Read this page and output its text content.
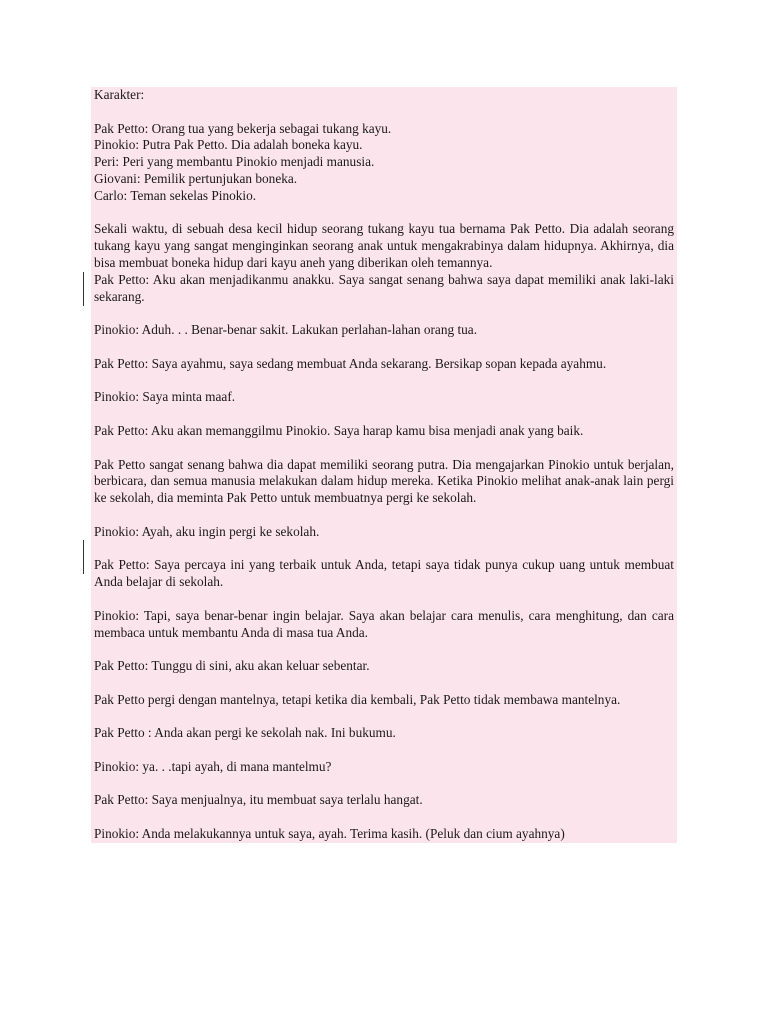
Karakter:

Pak Petto: Orang tua yang bekerja sebagai tukang kayu.
Pinokio: Putra Pak Petto. Dia adalah boneka kayu.
Peri: Peri yang membantu Pinokio menjadi manusia.
Giovani: Pemilik pertunjukan boneka.
Carlo: Teman sekelas Pinokio.

Sekali waktu, di sebuah desa kecil hidup seorang tukang kayu tua bernama Pak Petto. Dia adalah seorang tukang kayu yang sangat menginginkan seorang anak untuk mengakrabinya dalam hidupnya. Akhirnya, dia bisa membuat boneka hidup dari kayu aneh yang diberikan oleh temannya.
Pak Petto: Aku akan menjadikanmu anakku. Saya sangat senang bahwa saya dapat memiliki anak laki-laki sekarang.

Pinokio: Aduh. . . Benar-benar sakit. Lakukan perlahan-lahan orang tua.

Pak Petto: Saya ayahmu, saya sedang membuat Anda sekarang. Bersikap sopan kepada ayahmu.

Pinokio: Saya minta maaf.

Pak Petto: Aku akan memanggilmu Pinokio. Saya harap kamu bisa menjadi anak yang baik.

Pak Petto sangat senang bahwa dia dapat memiliki seorang putra. Dia mengajarkan Pinokio untuk berjalan, berbicara, dan semua manusia melakukan dalam hidup mereka. Ketika Pinokio melihat anak-anak lain pergi ke sekolah, dia meminta Pak Petto untuk membuatnya pergi ke sekolah.

Pinokio: Ayah, aku ingin pergi ke sekolah.

Pak Petto: Saya percaya ini yang terbaik untuk Anda, tetapi saya tidak punya cukup uang untuk membuat Anda belajar di sekolah.

Pinokio: Tapi, saya benar-benar ingin belajar. Saya akan belajar cara menulis, cara menghitung, dan cara membaca untuk membantu Anda di masa tua Anda.

Pak Petto: Tunggu di sini, aku akan keluar sebentar.

Pak Petto pergi dengan mantelnya, tetapi ketika dia kembali, Pak Petto tidak membawa mantelnya.

Pak Petto : Anda akan pergi ke sekolah nak. Ini bukumu.

Pinokio: ya. . .tapi ayah, di mana mantelmu?

Pak Petto: Saya menjualnya, itu membuat saya terlalu hangat.

Pinokio: Anda melakukannya untuk saya, ayah. Terima kasih. (Peluk dan cium ayahnya)
